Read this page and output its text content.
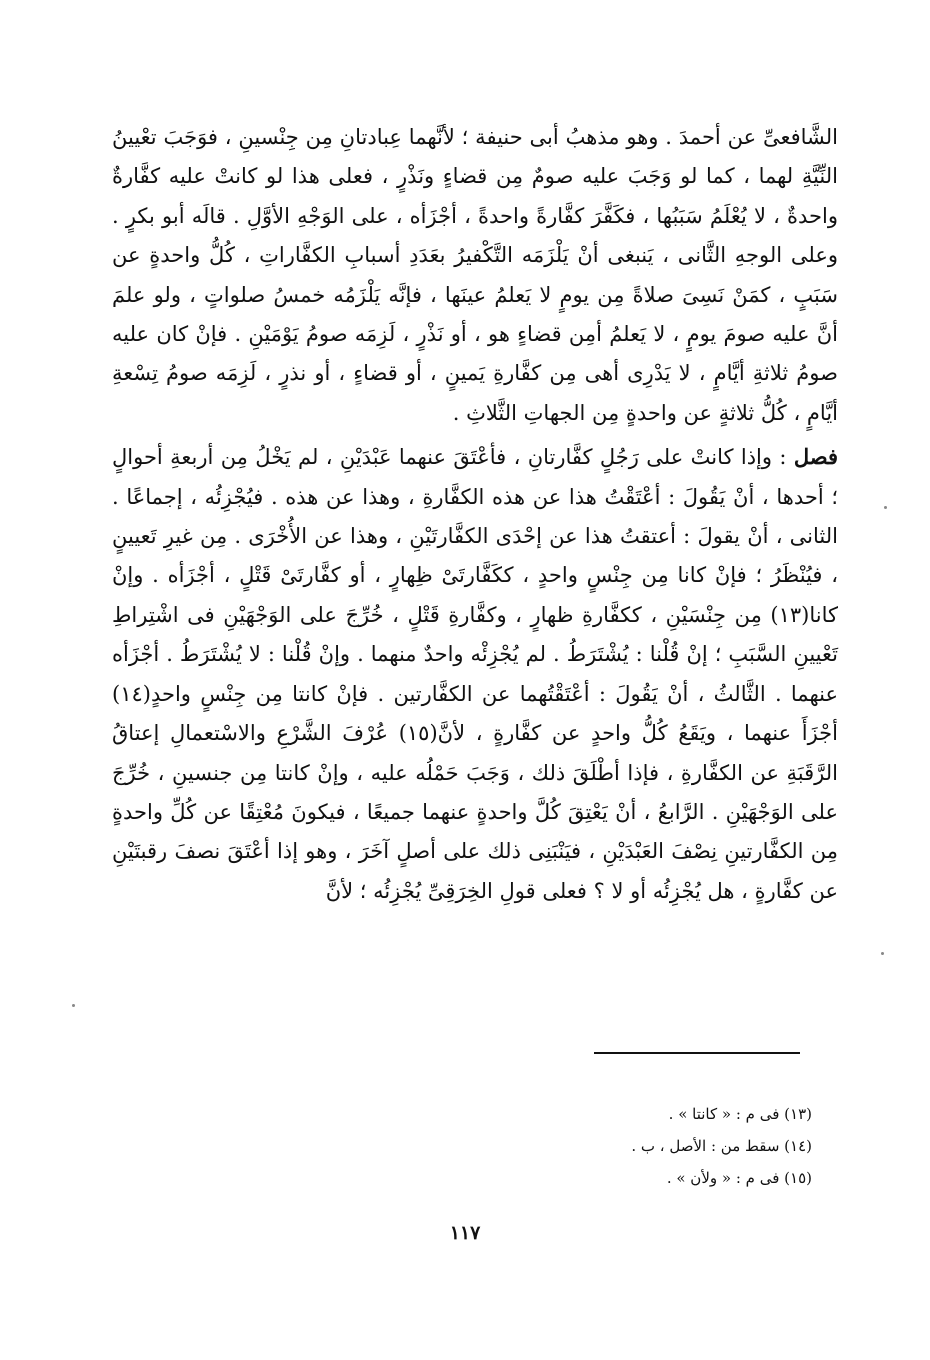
الشَّافعىِّ عن أحمدَ . وهو مذهبُ أبى حنيفة ؛ لأنَّهما عِبادتانِ مِن جِنْسينِ ، فوَجَبَ تعْيينُ النِّيَّةِ لهما ، كما لو وَجَبَ عليه صومٌ مِن قضاءٍ ونَذْرٍ ، فعلى هذا لو كانتْ عليه كفَّارةٌ واحدةٌ ، لا يُعْلَمُ سَبَبُها ، فكَفَّرَ كفَّارةً واحدةً ، أجْزَأه ، على الوَجْهِ الأوَّلِ . قالَه أبو بكرٍ . وعلى الوجهِ الثَّانى ، يَنبغى أنْ يَلْزَمَه التَّكْفيرُ بعَدَدِ أسبابِ الكفَّاراتِ ، كُلُّ واحدةٍ عن سَبَبٍ ، كمَنْ نَسِىَ صلاةً مِن يومٍ لا يَعلمُ عينَها ، فإنَّه يَلْزَمُه خمسُ صلواتٍ ، ولو علمَ أنَّ عليه صومَ يومٍ ، لا يَعلمُ أمِن قضاءٍ هو ، أو نَذْرٍ ، لَزِمَه صومُ يَوْمَيْنِ . فإنْ كان عليه صومُ ثلاثةِ أيَّامٍ ، لا يَدْرِى أهى مِن كفَّارةِ يَمينٍ ، أو قضاءٍ ، أو نذرٍ ، لَزِمَه صومُ تِسْعةِ أيَّامٍ ، كُلُّ ثلاثةٍ عن واحدةٍ مِن الجهاتِ الثَّلاثِ .

فصل : وإذا كانتْ على رَجُلٍ كفَّارتانِ ، فأعْتَقَ عنهما عَبْدَيْنِ ، لم يَخْلُ مِن أربعةِ أحوالٍ ؛ أحدها ، أنْ يَقُولَ : أعْتَقْتُ هذا عن هذه الكفَّارةِ ، وهذا عن هذه . فيُجْزِئُه ، إجماعًا . الثانى ، أنْ يقولَ : أعتقتُ هذا عن إحْدَى الكفَّارتَيْنِ ، وهذا عن الأُخْرَى . مِن غيرِ تَعيينٍ ، فيُنْظَرُ ؛ فإنْ كانا مِن جِنْسٍ واحدٍ ، ككَفَّارتَىْ ظِهارٍ ، أو كفَّارتَىْ قَتْلٍ ، أجْزَأه . وإنْ كانا(١٣) مِن جِنْسَيْنِ ، ككفَّارةِ ظهارٍ ، وكفَّارةِ قَتْلٍ ، خُرِّجَ على الوَجْهَيْنِ فى اشْتِراطِ تَعْيينِ السَّبَبِ ؛ إنْ قُلْنا : يُشْتَرَطُ . لم يُجْزِئْه واحدٌ منهما . وإنْ قُلْنا : لا يُشْتَرَطُ . أجْزَأه عنهما . الثَّالثُ ، أنْ يَقُولَ : أعْتَقْتُهما عن الكفَّارتين . فإنْ كانتا مِن جِنْسٍ واحدٍ(١٤) أجْزَأَ عنهما ، ويَقَعُ كُلُّ واحدٍ عن كفَّارةٍ ، لأنَّ(١٥) عُرْفَ الشَّرْعِ والاسْتعمالِ إعتاقُ الرَّقَبَةِ عن الكفَّارةِ ، فإذا أطْلَقَ ذلك ، وَجَبَ حَمْلُه عليه ، وإنْ كانتا مِن جنسينِ ، خُرِّجَ على الوَجْهَيْنِ . الرَّابعُ ، أنْ يَعْتِقَ كُلَّ واحدةٍ عنهما جميعًا ، فيكونَ مُعْتِقًا عن كُلِّ واحدةٍ مِن الكفَّارتينِ نِصْفَ العَبْدَيْنِ ، فيَنْبَنِى ذلك على أصلٍ آخَرَ ، وهو إذا أعْتَقَ نصفَ رقبتَيْنِ عن كفَّارةٍ ، هل يُجْزِئُه أو لا ؟ فعلى قولِ الخِرَقِىِّ يُجْزِئُه ؛ لأنَّ

(١٣) فى م : « كانتا » .
(١٤) سقط من : الأصل ، ب .
(١٥) فى م : « ولأن » .
١١٧
